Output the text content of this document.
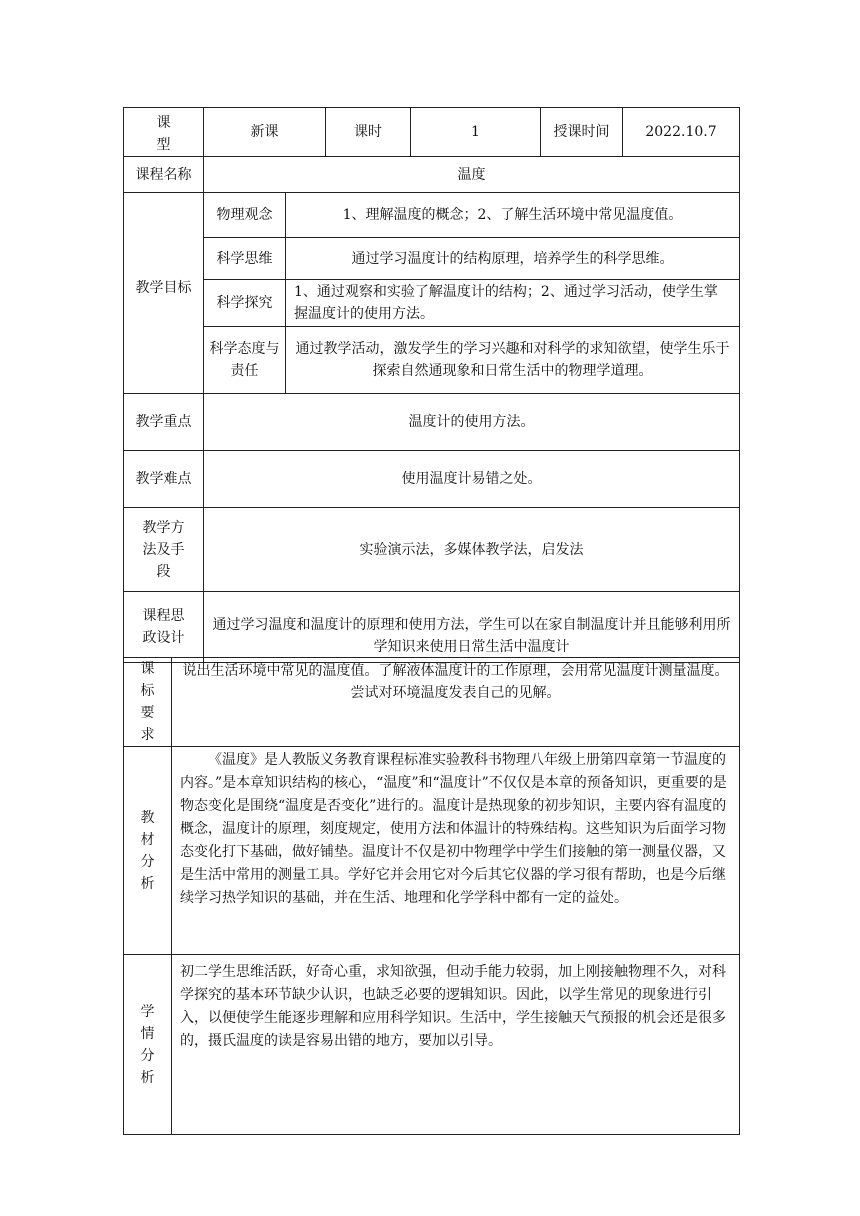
课 型	新课		课时	1	授课时间	2022.10.7
课程名称	温度					
教学目标	物理观念	1、理解温度的概念；2、了解生活环境中常见温度值。				
	科学思维	通过学习温度计的结构原理，培养学生的科学思维。				
	科学探究	1、通过观察和实验了解温度计的结构；2、通过学习活动，使学生掌握温度计的使用方法。				
	科学态度与责任	通过教学活动，激发学生的学习兴趣和对科学的求知欲望，使学生乐于探索自然通现象和日常生活中的物理学道理。				
教学重点	温度计的使用方法。					
教学难点	使用温度计易错之处。					
教学方法及手段	实验演示法，多媒体教学法，启发法					
课程思政设计	通过学习温度和温度计的原理和使用方法，学生可以在家自制温度计并且能够利用所学知识来使用日常生活中温度计					
课标要求	说出生活环境中常见的温度值。了解液体温度计的工作原理，会用常见温度计测量温度。尝试对环境温度发表自己的见解。
教材分析	《温度》是人教版义务教育课程标准实验教科书物理八年级上册第四章第一节温度的内容。”是本章知识结构的核心，“温度”和“温度计”不仅仅是本章的预备知识，更重要的是物态变化是围绕“温度是否变化”进行的。温度计是热现象的初步知识，主要内容有温度的概念，温度计的原理，刻度规定，使用方法和体温计的特殊结构。这些知识为后面学习物态变化打下基础，做好铺垫。温度计不仅是初中物理学中学生们接触的第一测量仪器，又是生活中常用的测量工具。学好它并会用它对今后其它仪器的学习很有帮助，也是今后继续学习热学知识的基础，并在生活、地理和化学学科中都有一定的益处。
学情分析	初二学生思维活跃，好奇心重，求知欲强，但动手能力较弱，加上刚接触物理不久，对科学探究的基本环节缺少认识，也缺乏必要的逻辑知识。因此，以学生常见的现象进行引入，以便使学生能逐步理解和应用科学知识。生活中，学生接触天气预报的机会还是很多的，摄氏温度的读是容易出错的地方，要加以引导。
